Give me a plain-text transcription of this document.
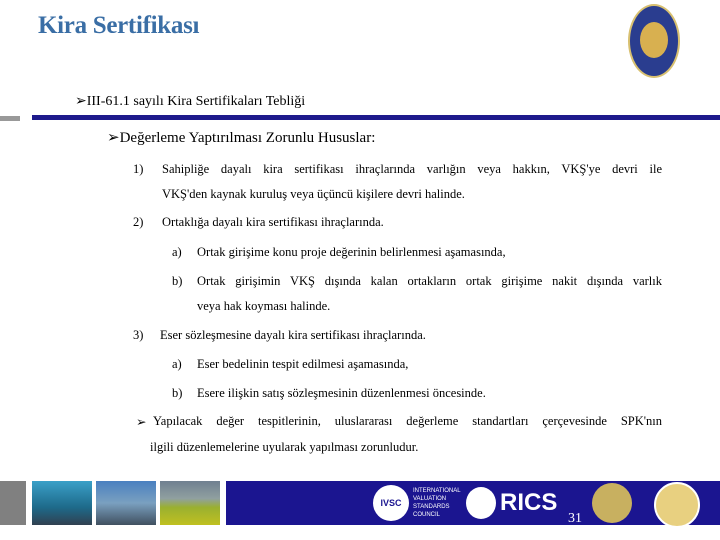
Kira Sertifikası
➢III-61.1 sayılı Kira Sertifikaları Tebliği
➢Değerleme Yaptırılması Zorunlu Hususlar:
1) Sahipliğe dayalı kira sertifikası ihraçlarında varlığın veya hakkın, VKŞ'ye devri ile
VKŞ'den kaynak kuruluş veya üçüncü kişilere devri halinde.
2) Ortaklığa dayalı kira sertifikası ihraçlarında.
a) Ortak girişime konu proje değerinin belirlenmesi aşamasında,
b) Ortak girişimin VKŞ dışında kalan ortakların ortak girişime nakit dışında varlık
veya hak koyması halinde.
3) Eser sözleşmesine dayalı kira sertifikası ihraçlarında.
a) Eser bedelinin tespit edilmesi aşamasında,
b) Esere ilişkin satış sözleşmesinin düzenlenmesi öncesinde.
➢ Yapılacak değer tespitlerinin, uluslararası değerleme standartları çerçevesinde SPK'nın
ilgili düzenlemelerine uyularak yapılması zorunludur.
IVSC
INTERNATIONAL VALUATION STANDARDS COUNCIL	RICS
31
